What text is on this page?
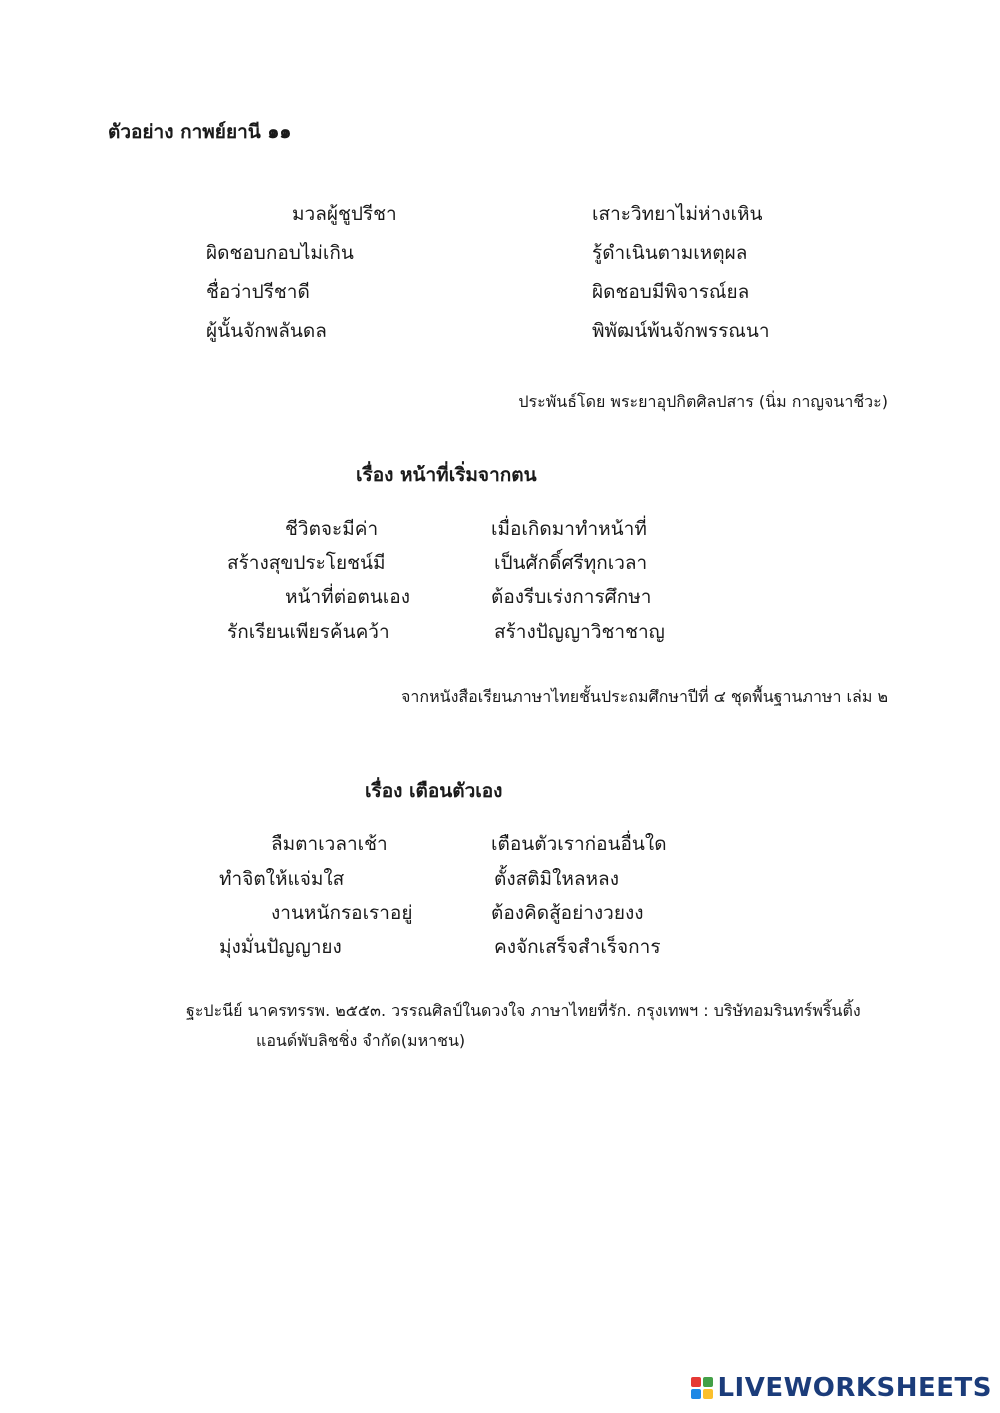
ตัวอย่าง กาพย์ยานี ๑๑
มวลผู้ชูปรีชา	เสาะวิทยาไม่ห่างเหิน
ผิดชอบกอบไม่เกิน	รู้ดำเนินตามเหตุผล
ชื่อว่าปรีชาดี	ผิดชอบมีพิจารณ์ยล
ผู้นั้นจักพลันดล	พิพัฒน์พ้นจักพรรณนา
ประพันธ์โดย พระยาอุปกิตศิลปสาร (นิ่ม กาญจนาชีวะ)
เรื่อง หน้าที่เริ่มจากตน
ชีวิตจะมีค่า	เมื่อเกิดมาทำหน้าที่
สร้างสุขประโยชน์มี	เป็นศักดิ์ศรีทุกเวลา
หน้าที่ต่อตนเอง	ต้องรีบเร่งการศึกษา
รักเรียนเพียรค้นคว้า	สร้างปัญญาวิชาชาญ
จากหนังสือเรียนภาษาไทยชั้นประถมศึกษาปีที่ ๔ ชุดพื้นฐานภาษา เล่ม ๒
เรื่อง เตือนตัวเอง
ลืมตาเวลาเช้า	เตือนตัวเราก่อนอื่นใด
ทำจิตให้แจ่มใส	ตั้งสติมิใหลหลง
งานหนักรอเราอยู่	ต้องคิดสู้อย่างวยงง
มุ่งมั่นปัญญายง	คงจักเสร็จสำเร็จการ
ฐะปะนีย์ นาครทรรพ. ๒๕๕๓. วรรณศิลป์ในดวงใจ ภาษาไทยที่รัก. กรุงเทพฯ : บริษัทอมรินทร์พริ้นติ้ง
แอนด์พับลิชชิ่ง จำกัด(มหาชน)
LIVEWORKSHEETS
